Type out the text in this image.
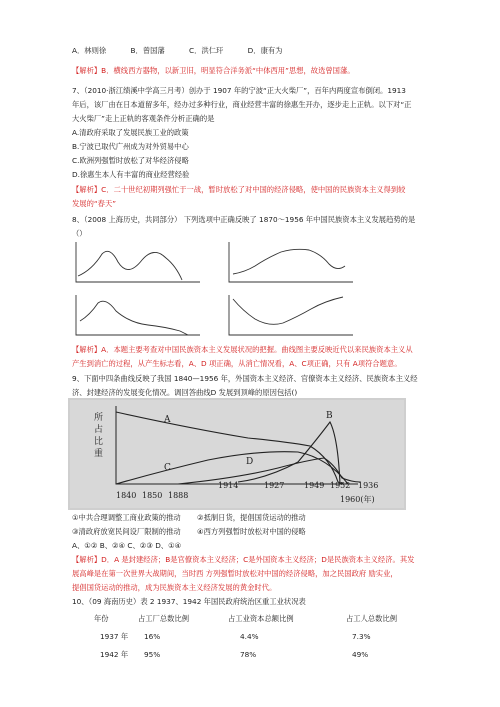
A．林则徐	B．曾国藩	C．洪仁玕	D．康有为
【解析】B．横线西方器物，以新卫旧，明显符合洋务派“中体西用”思想，故选曾国藩。
7、（2010·浙江绩溪中学高三月考）创办于 1907 年的宁波“正大火柴厂”，百年内两度宣布倒闭。1913
年后，该厂由在日本道留多年，经办过多种行业，商业经营丰富的徐惠生开办，逐步走上正轨。以下对“正
大火柴厂”走上正轨的客观条件分析正确的是
A.清政府采取了发展民族工业的政策
B.宁波已取代广州成为对外贸易中心
C.欧洲列强暂时放松了对华经济侵略
D.徐惠生本人有丰富的商业经营经验
【解析】C．二十世纪初期列强忙于一战，暂时放松了对中国的经济侵略，使中国的民族资本主义得到较
发展的“春天”
8、（2008 上海历史，共同部分） 下列选项中正确反映了 1870～1956 年中国民族资本主义发展趋势的是
（）
【解析】A．本题主要考查对中国民族资本主义发展状况的把握。曲线图主要反映近代以来民族资本主义从
产生到消亡的过程，从产生标志看，A、D 项正确，从消亡情况看，A、C项正确，只有 A项符合题意。
9、下面中四条曲线反映了我国 1840—1956 年，外国资本主义经济、官僚资本主义经济、民族资本主义经
济、封建经济的发展变化情况。调回答曲线D 发展到顶峰的原因包括()
所
占
比
重
A	B
C
D
1840 1850 1888
1914	1927 1949 1952 1936
1960(年)
①中共合理调整工商业政策的推动 ②抵制日货，提倡国货运动的推动
③清政府放宽民间设厂限制的推动 ④西方列强暂时放松对中国的侵略
A、①② B、②④ C、②③ D、①④
【解析】D．A 是封建经济；B是官僚资本主义经济；C是外国资本主义经济；D是民族资本主义经济。其发
展高峰是在第一次世界大战期间，当时西 方列强暂时放松对中国的经济侵略，加之民国政府 励实业，
提倡国货运动的推动，成为民族资本主义经济发展的黄金时代。
10、（09 海南历史）表 2 1937、1942 年国民政府统治区重工业状况表
年份	占工厂总数比例	占工业资本总额比例	占工人总数比例
1937 年 16%	4.4%	7.3%
1942 年 95%	78%	49%
